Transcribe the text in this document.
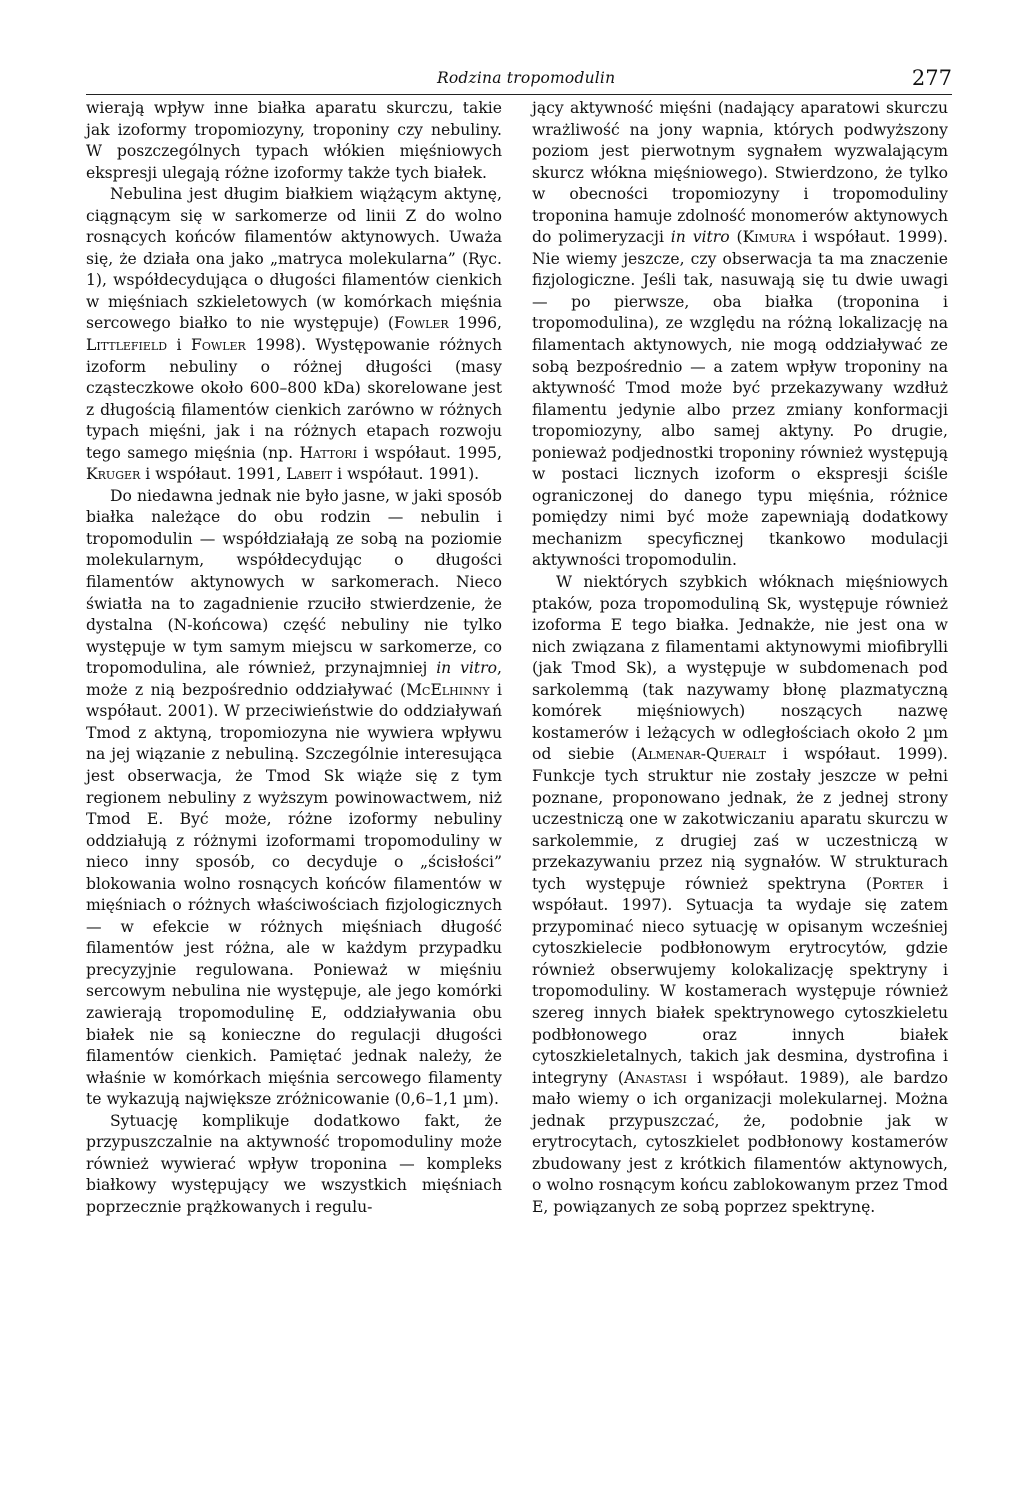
Rodzina tropomodulin	277

wierają wpływ inne białka aparatu skurczu, takie jak izoformy tropomiozyny, troponiny czy nebuliny. W poszczególnych typach włókien mięśniowych ekspresji ulegają różne izoformy także tych białek.

Nebulina jest długim białkiem wiążącym aktynę, ciągnącym się w sarkomerze od linii Z do wolno rosnących końców filamentów aktynowych. Uważa się, że działa ona jako „matryca molekularna” (Ryc. 1), współdecydująca o długości filamentów cienkich w mięśniach szkieletowych (w komórkach mięśnia sercowego białko to nie występuje) (Fowler 1996, Littlefield i Fowler 1998). Występowanie różnych izoform nebuliny o różnej długości (masy cząsteczkowe około 600–800 kDa) skorelowane jest z długością filamentów cienkich zarówno w różnych typach mięśni, jak i na różnych etapach rozwoju tego samego mięśnia (np. Hattori i współaut. 1995, Kruger i współaut. 1991, Labeit i współaut. 1991).

Do niedawna jednak nie było jasne, w jaki sposób białka należące do obu rodzin — nebulin i tropomodulin — współdziałają ze sobą na poziomie molekularnym, współdecydując o długości filamentów aktynowych w sarkomerach. Nieco światła na to zagadnienie rzuciło stwierdzenie, że dystalna (N-końcowa) część nebuliny nie tylko występuje w tym samym miejscu w sarkomerze, co tropomodulina, ale również, przynajmniej in vitro, może z nią bezpośrednio oddziaływać (McElhinny i współaut. 2001). W przeciwieństwie do oddziaływań Tmod z aktyną, tropomiozyna nie wywiera wpływu na jej wiązanie z nebuliną. Szczególnie interesująca jest obserwacja, że Tmod Sk wiąże się z tym regionem nebuliny z wyższym powinowactwem, niż Tmod E. Być może, różne izoformy nebuliny oddziałują z różnymi izoformami tropomoduliny w nieco inny sposób, co decyduje o „ścisłości” blokowania wolno rosnących końców filamentów w mięśniach o różnych właściwościach fizjologicznych — w efekcie w różnych mięśniach długość filamentów jest różna, ale w każdym przypadku precyzyjnie regulowana. Ponieważ w mięśniu sercowym nebulina nie występuje, ale jego komórki zawierają tropomodulinę E, oddziaływania obu białek nie są konieczne do regulacji długości filamentów cienkich. Pamiętać jednak należy, że właśnie w komórkach mięśnia sercowego filamenty te wykazują największe zróżnicowanie (0,6–1,1 µm).

Sytuację komplikuje dodatkowo fakt, że przypuszczalnie na aktywność tropomoduliny może również wywierać wpływ troponina — kompleks białkowy występujący we wszystkich mięśniach poprzecznie prążkowanych i regulu-

jący aktywność mięśni (nadający aparatowi skurczu wrażliwość na jony wapnia, których podwyższony poziom jest pierwotnym sygnałem wyzwalającym skurcz włókna mięśniowego). Stwierdzono, że tylko w obecności tropomiozyny i tropomoduliny troponina hamuje zdolność monomerów aktynowych do polimeryzacji in vitro (Kimura i współaut. 1999). Nie wiemy jeszcze, czy obserwacja ta ma znaczenie fizjologiczne. Jeśli tak, nasuwają się tu dwie uwagi — po pierwsze, oba białka (troponina i tropomodulina), ze względu na różną lokalizację na filamentach aktynowych, nie mogą oddziaływać ze sobą bezpośrednio — a zatem wpływ troponiny na aktywność Tmod może być przekazywany wzdłuż filamentu jedynie albo przez zmiany konformacji tropomiozyny, albo samej aktyny. Po drugie, ponieważ podjednostki troponiny również występują w postaci licznych izoform o ekspresji ściśle ograniczonej do danego typu mięśnia, różnice pomiędzy nimi być może zapewniają dodatkowy mechanizm specyficznej tkankowo modulacji aktywności tropomodulin.

W niektórych szybkich włóknach mięśniowych ptaków, poza tropomoduliną Sk, występuje również izoforma E tego białka. Jednakże, nie jest ona w nich związana z filamentami aktynowymi miofibrylli (jak Tmod Sk), a występuje w subdomenach pod sarkolemmą (tak nazywamy błonę plazmatyczną komórek mięśniowych) noszących nazwę kostamerów i leżących w odległościach około 2 µm od siebie (Almenar-Queralt i współaut. 1999). Funkcje tych struktur nie zostały jeszcze w pełni poznane, proponowano jednak, że z jednej strony uczestniczą one w zakotwiczaniu aparatu skurczu w sarkolemmie, z drugiej zaś w uczestniczą w przekazywaniu przez nią sygnałów. W strukturach tych występuje również spektryna (Porter i współaut. 1997). Sytuacja ta wydaje się zatem przypominać nieco sytuację w opisanym wcześniej cytoszkielecie podbłonowym erytrocytów, gdzie również obserwujemy kolokalizację spektryny i tropomoduliny. W kostamerach występuje również szereg innych białek spektrynowego cytoszkieletu podbłonowego oraz innych białek cytoszkieletalnych, takich jak desmina, dystrofina i integryny (Anastasi i współaut. 1989), ale bardzo mało wiemy o ich organizacji molekularnej. Można jednak przypuszczać, że, podobnie jak w erytrocytach, cytoszkielet podbłonowy kostamerów zbudowany jest z krótkich filamentów aktynowych, o wolno rosnącym końcu zablokowanym przez Tmod E, powiązanych ze sobą poprzez spektrynę.
